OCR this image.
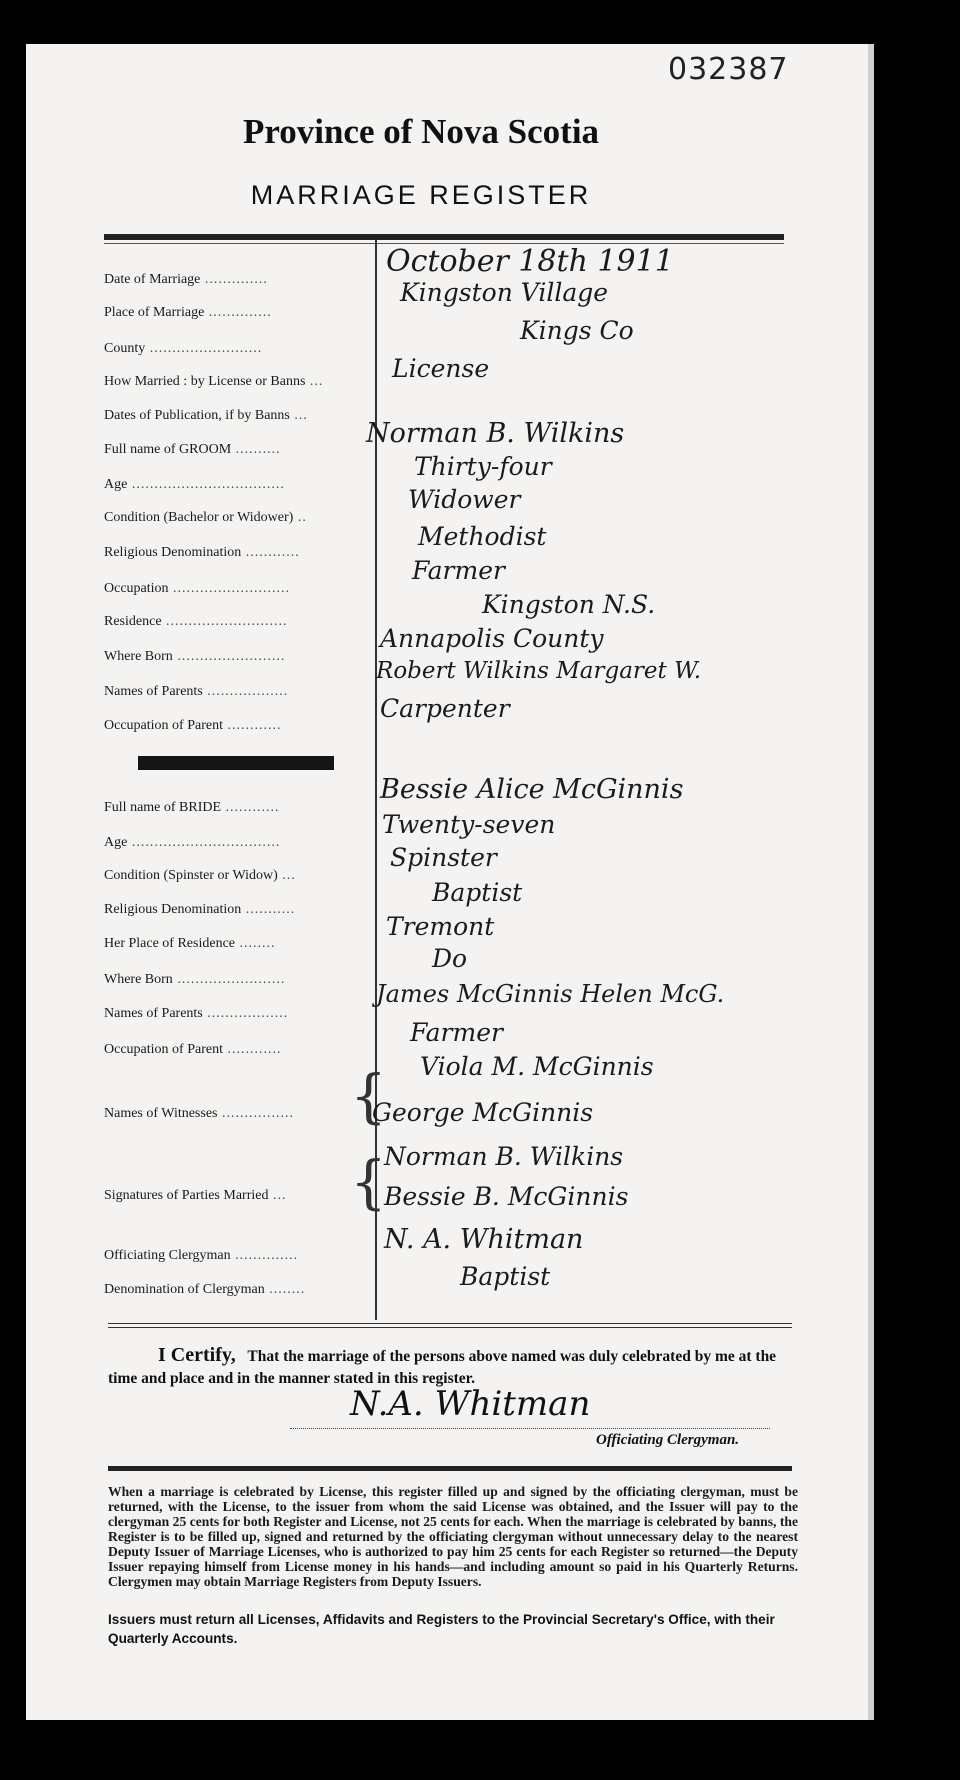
032387
Province of Nova Scotia
MARRIAGE REGISTER
Date of Marriage ..............
Place of Marriage ..............
County .........................
How Married : by License or Banns ...
Dates of Publication, if by Banns ...
Full name of GROOM ..........
Age ..................................
Condition (Bachelor or Widower) ..
Religious Denomination ............
Occupation ..........................
Residence ...........................
Where Born ........................
Names of Parents ..................
Occupation of Parent ............
Full name of BRIDE ............
Age .................................
Condition (Spinster or Widow) ...
Religious Denomination ...........
Her Place of Residence ........
Where Born ........................
Names of Parents ..................
Occupation of Parent ............
Names of Witnesses ................
Signatures of Parties Married ...
Officiating Clergyman ..............
Denomination of Clergyman ........
October 18th 1911
Kingston Village
Kings Co
License
Norman B. Wilkins
Thirty-four
Widower
Methodist
Farmer
Kingston N.S.
Annapolis County
Robert Wilkins Margaret W.
Carpenter
Bessie Alice McGinnis
Twenty-seven
Spinster
Baptist
Tremont
Do
James McGinnis Helen McG.
Farmer
{ Viola M. McGinnis
George McGinnis
{
Norman B. Wilkins
Bessie B. McGinnis
N. A. Whitman
Baptist
I Certify, That the marriage of the persons above named was duly celebrated by me at the time and place and in the manner stated in this register.
N.A. Whitman
Officiating Clergyman.
When a marriage is celebrated by License, this register filled up and signed by the officiating clergyman, must be returned, with the License, to the issuer from whom the said License was obtained, and the Issuer will pay to the clergyman 25 cents for both Register and License, not 25 cents for each. When the marriage is celebrated by banns, the Register is to be filled up, signed and returned by the officiating clergyman without unnecessary delay to the nearest Deputy Issuer of Marriage Licenses, who is authorized to pay him 25 cents for each Register so returned—the Deputy Issuer repaying himself from License money in his hands—and including amount so paid in his Quarterly Returns. Clergymen may obtain Marriage Registers from Deputy Issuers.
Issuers must return all Licenses, Affidavits and Registers to the Provincial Secretary's Office, with their Quarterly Accounts.
